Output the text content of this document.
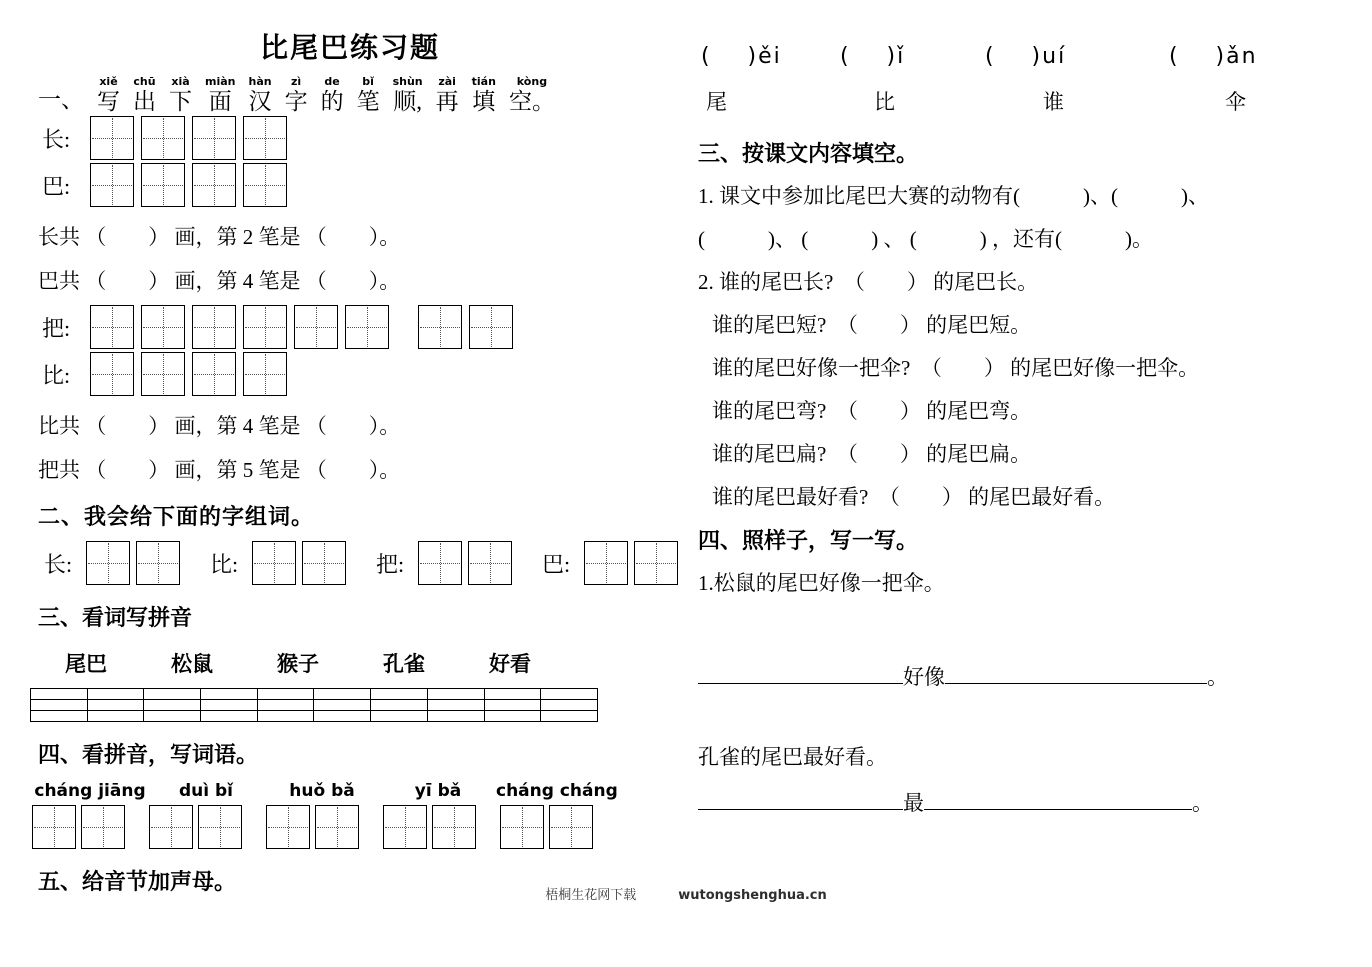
比尾巴练习题
一、
xiě
写
chū
出
xià
下
miàn
面
hàn
汉
zì
字
de
的
bǐ
笔
shùn
顺,
zài
再
tián
填
kòng
空。
长:
巴:
长共 （　　） 画，第 2 笔是 （　　）。
巴共 （　　） 画，第 4 笔是 （　　）。
把:
比:
比共 （　　） 画，第 4 笔是 （　　）。
把共 （　　） 画，第 5 笔是 （　　）。
二、我会给下面的字组词。
长:	比:	把:	巴:
三、看词写拼音
尾巴	松鼠	猴子	孔雀	好看

四、看拼音，写词语。
cháng jiāng	duì bǐ	huǒ bǎ	yī bǎ	cháng cháng
五、给音节加声母。
(    )ěi	(    )ǐ	(    )uí	(    )ǎn
尾	比	谁	伞
三、按课文内容填空。
1. 课文中参加比尾巴大赛的动物有(　　　)、(　　　)、
(　　　)、 (　　　) 、 (　　　) ，还有(　　　)。
2. 谁的尾巴长?  （　　） 的尾巴长。
谁的尾巴短?  （　　） 的尾巴短。
谁的尾巴好像一把伞?  （　　） 的尾巴好像一把伞。
谁的尾巴弯?  （　　） 的尾巴弯。
谁的尾巴扁?  （　　） 的尾巴扁。
谁的尾巴最好看?  （　　） 的尾巴最好看。
四、照样子，写一写。
1.松鼠的尾巴好像一把伞。
好像	。
孔雀的尾巴最好看。
最	。
梧桐生花网下载	wutongshenghua.cn
